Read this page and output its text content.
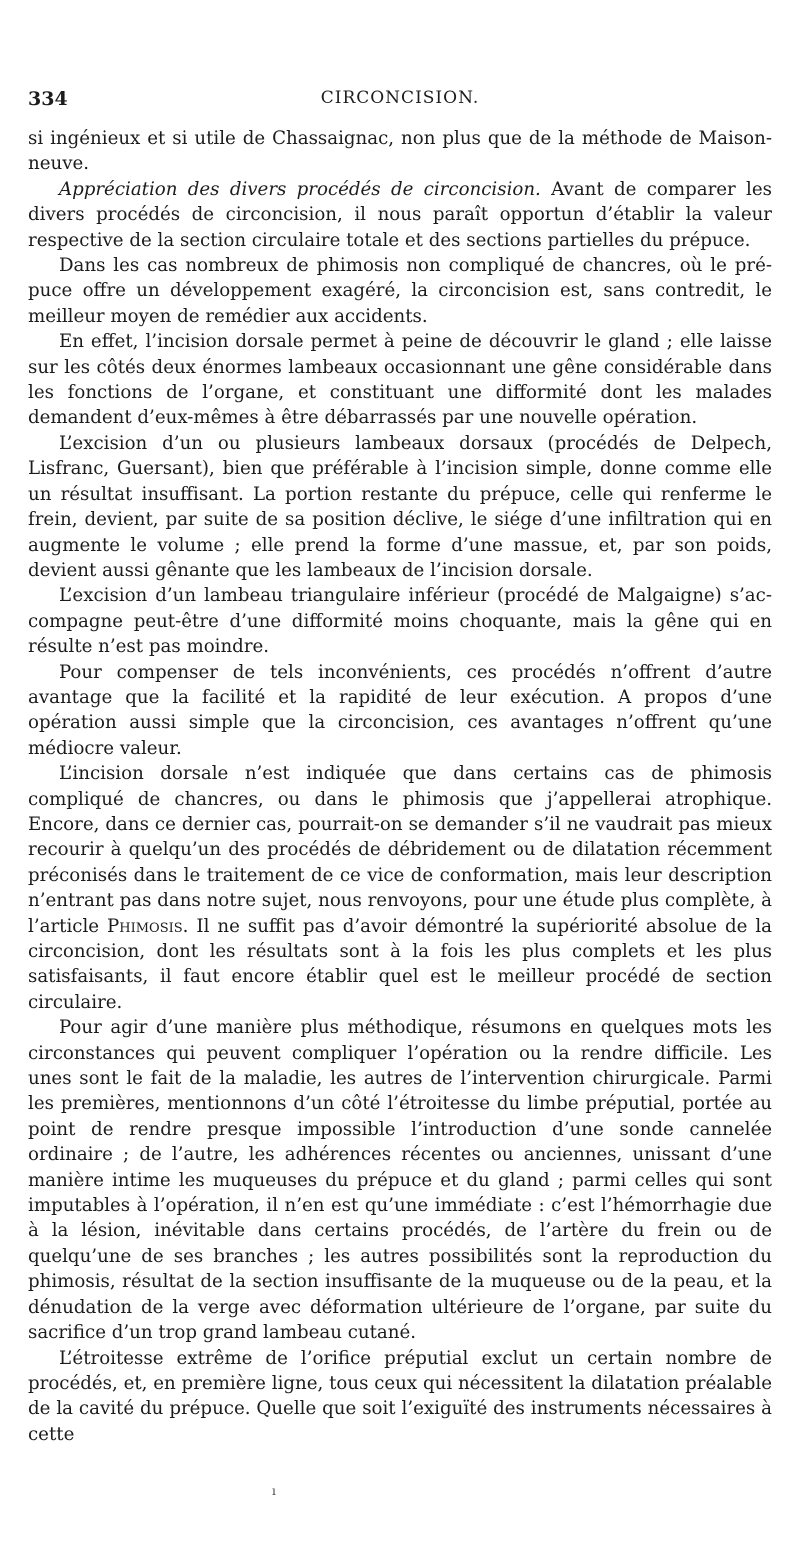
334	CIRCONCISION.

si ingénieux et si utile de Chassaignac, non plus que de la méthode de Maisonneuve.

Appréciation des divers procédés de circoncision. Avant de comparer les divers procédés de circoncision, il nous paraît opportun d’établir la valeur respective de la section circulaire totale et des sections partielles du prépuce.

Dans les cas nombreux de phimosis non compliqué de chancres, où le prépuce offre un développement exagéré, la circoncision est, sans contredit, le meilleur moyen de remédier aux accidents.

En effet, l’incision dorsale permet à peine de découvrir le gland ; elle laisse sur les côtés deux énormes lambeaux occasionnant une gêne considérable dans les fonctions de l’organe, et constituant une difformité dont les malades demandent d’eux-mêmes à être débarrassés par une nouvelle opération.

L’excision d’un ou plusieurs lambeaux dorsaux (procédés de Delpech, Lisfranc, Guersant), bien que préférable à l’incision simple, donne comme elle un résultat insuffisant. La portion restante du prépuce, celle qui renferme le frein, devient, par suite de sa position déclive, le siége d’une infiltration qui en augmente le volume ; elle prend la forme d’une massue, et, par son poids, devient aussi gênante que les lambeaux de l’incision dorsale.

L’excision d’un lambeau triangulaire inférieur (procédé de Malgaigne) s’accompagne peut-être d’une difformité moins choquante, mais la gêne qui en résulte n’est pas moindre.

Pour compenser de tels inconvénients, ces procédés n’offrent d’autre avantage que la facilité et la rapidité de leur exécution. A propos d’une opération aussi simple que la circoncision, ces avantages n’offrent qu’une médiocre valeur.

L’incision dorsale n’est indiquée que dans certains cas de phimosis compliqué de chancres, ou dans le phimosis que j’appellerai atrophique. Encore, dans ce dernier cas, pourrait-on se demander s’il ne vaudrait pas mieux recourir à quelqu’un des procédés de débridement ou de dilatation récemment préconisés dans le traitement de ce vice de conformation, mais leur description n’entrant pas dans notre sujet, nous renvoyons, pour une étude plus complète, à l’article Phimosis. Il ne suffit pas d’avoir démontré la supériorité absolue de la circoncision, dont les résultats sont à la fois les plus complets et les plus satisfaisants, il faut encore établir quel est le meilleur procédé de section circulaire.

Pour agir d’une manière plus méthodique, résumons en quelques mots les circonstances qui peuvent compliquer l’opération ou la rendre difficile. Les unes sont le fait de la maladie, les autres de l’intervention chirurgicale. Parmi les premières, mentionnons d’un côté l’étroitesse du limbe préputial, portée au point de rendre presque impossible l’introduction d’une sonde cannelée ordinaire ; de l’autre, les adhérences récentes ou anciennes, unissant d’une manière intime les muqueuses du prépuce et du gland ; parmi celles qui sont imputables à l’opération, il n’en est qu’une immédiate : c’est l’hémorrhagie due à la lésion, inévitable dans certains procédés, de l’artère du frein ou de quelqu’une de ses branches ; les autres possibilités sont la reproduction du phimosis, résultat de la section insuffisante de la muqueuse ou de la peau, et la dénudation de la verge avec déformation ultérieure de l’organe, par suite du sacrifice d’un trop grand lambeau cutané.

L’étroitesse extrême de l’orifice préputial exclut un certain nombre de procédés, et, en première ligne, tous ceux qui nécessitent la dilatation préalable de la cavité du prépuce. Quelle que soit l’exiguïté des instruments nécessaires à cette

ı
